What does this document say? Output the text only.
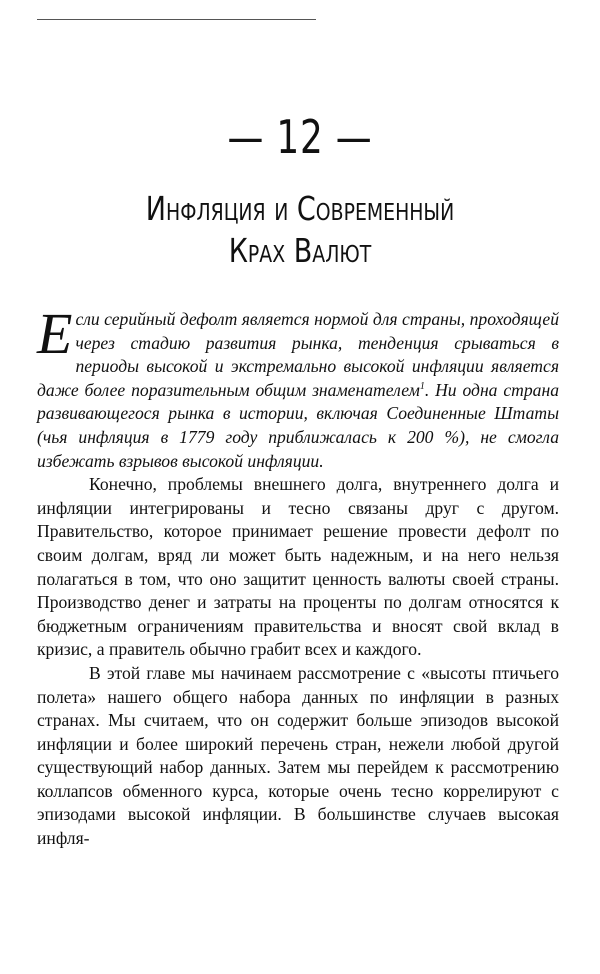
— 12 —
Инфляция и Современный
Крах Валют

Если серийный дефолт является нормой для страны, проходящей через стадию развития рынка, тенденция срываться в периоды высокой и экстремально высокой инфляции является даже более поразительным общим знаменателем$^1$. Ни одна страна развивающегося рынка в истории, включая Соединенные Штаты (чья инфляция в 1779 году приближалась к 200 %), не смогла избежать взрывов высокой инфляции.

Конечно, проблемы внешнего долга, внутреннего долга и инфляции интегрированы и тесно связаны друг с другом. Правительство, которое принимает решение провести дефолт по своим долгам, вряд ли может быть надежным, и на него нельзя полагаться в том, что оно защитит ценность валюты своей страны. Производство денег и затраты на проценты по долгам относятся к бюджетным ограничениям правительства и вносят свой вклад в кризис, а правитель обычно грабит всех и каждого.

В этой главе мы начинаем рассмотрение с «высоты птичьего полета» нашего общего набора данных по инфляции в разных странах. Мы считаем, что он содержит больше эпизодов высокой инфляции и более широкий перечень стран, нежели любой другой существующий набор данных. Затем мы перейдем к рассмотрению коллапсов обменного курса, которые очень тесно коррелируют с эпизодами высокой инфляции. В большинстве случаев высокая инфля-
